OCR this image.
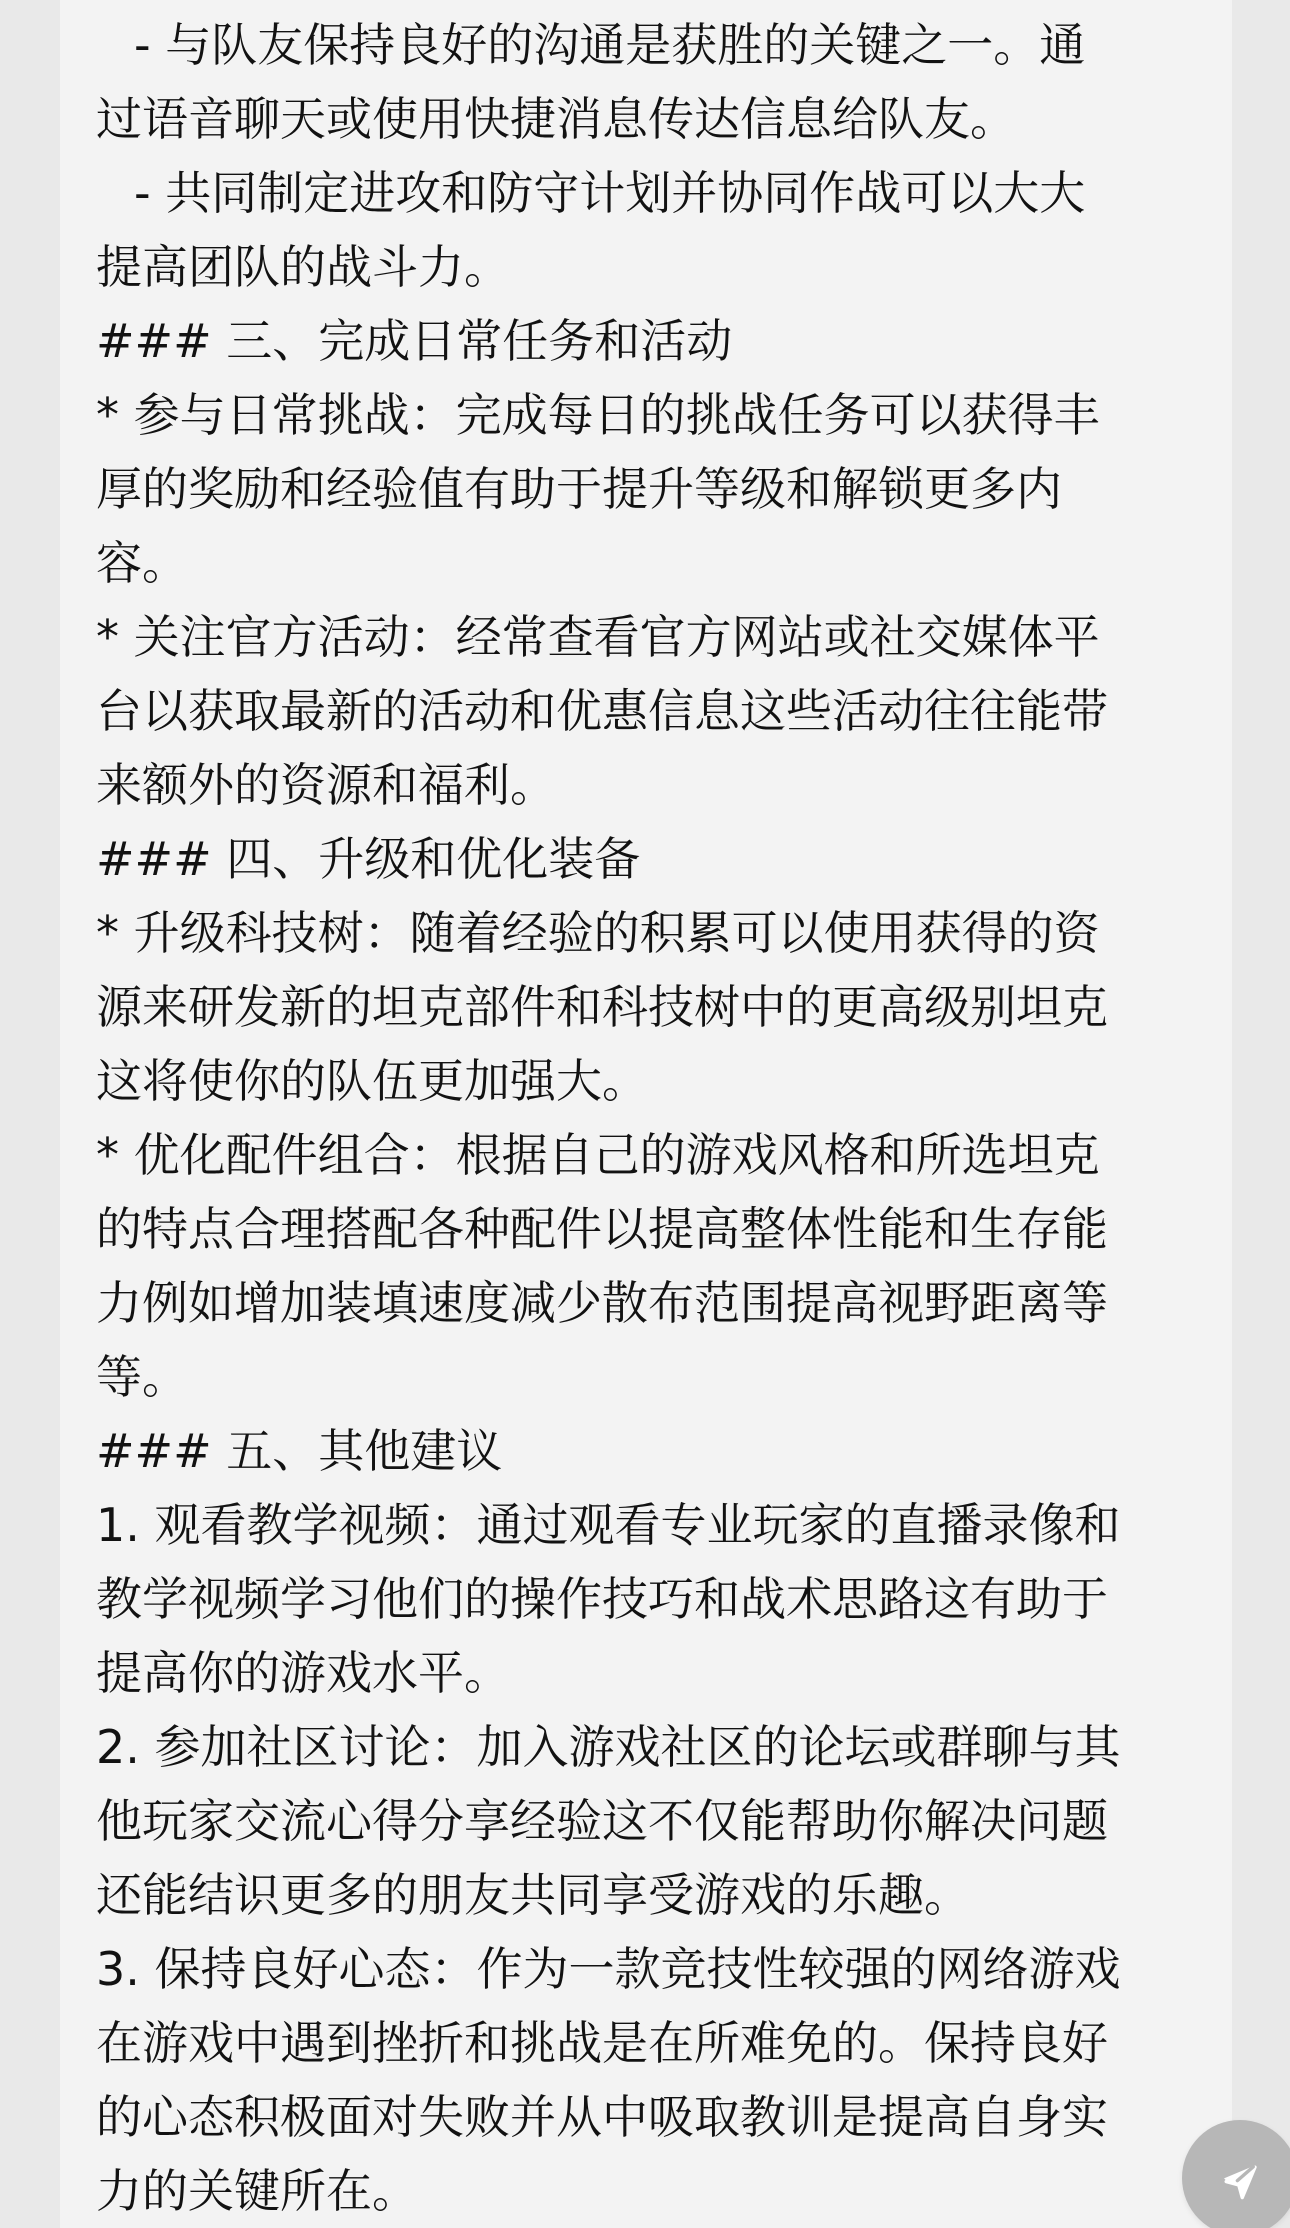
- 与队友保持良好的沟通是获胜的关键之一。通
过语音聊天或使用快捷消息传达信息给队友。
- 共同制定进攻和防守计划并协同作战可以大大
提高团队的战斗力。
### 三、完成日常任务和活动
* 参与日常挑战：完成每日的挑战任务可以获得丰
厚的奖励和经验值有助于提升等级和解锁更多内
容。
* 关注官方活动：经常查看官方网站或社交媒体平
台以获取最新的活动和优惠信息这些活动往往能带
来额外的资源和福利。
### 四、升级和优化装备
* 升级科技树：随着经验的积累可以使用获得的资
源来研发新的坦克部件和科技树中的更高级别坦克
这将使你的队伍更加强大。
* 优化配件组合：根据自己的游戏风格和所选坦克
的特点合理搭配各种配件以提高整体性能和生存能
力例如增加装填速度减少散布范围提高视野距离等
等。
### 五、其他建议
1. 观看教学视频：通过观看专业玩家的直播录像和
教学视频学习他们的操作技巧和战术思路这有助于
提高你的游戏水平。
2. 参加社区讨论：加入游戏社区的论坛或群聊与其
他玩家交流心得分享经验这不仅能帮助你解决问题
还能结识更多的朋友共同享受游戏的乐趣。
3. 保持良好心态：作为一款竞技性较强的网络游戏
在游戏中遇到挫折和挑战是在所难免的。保持良好
的心态积极面对失败并从中吸取教训是提高自身实
力的关键所在。
